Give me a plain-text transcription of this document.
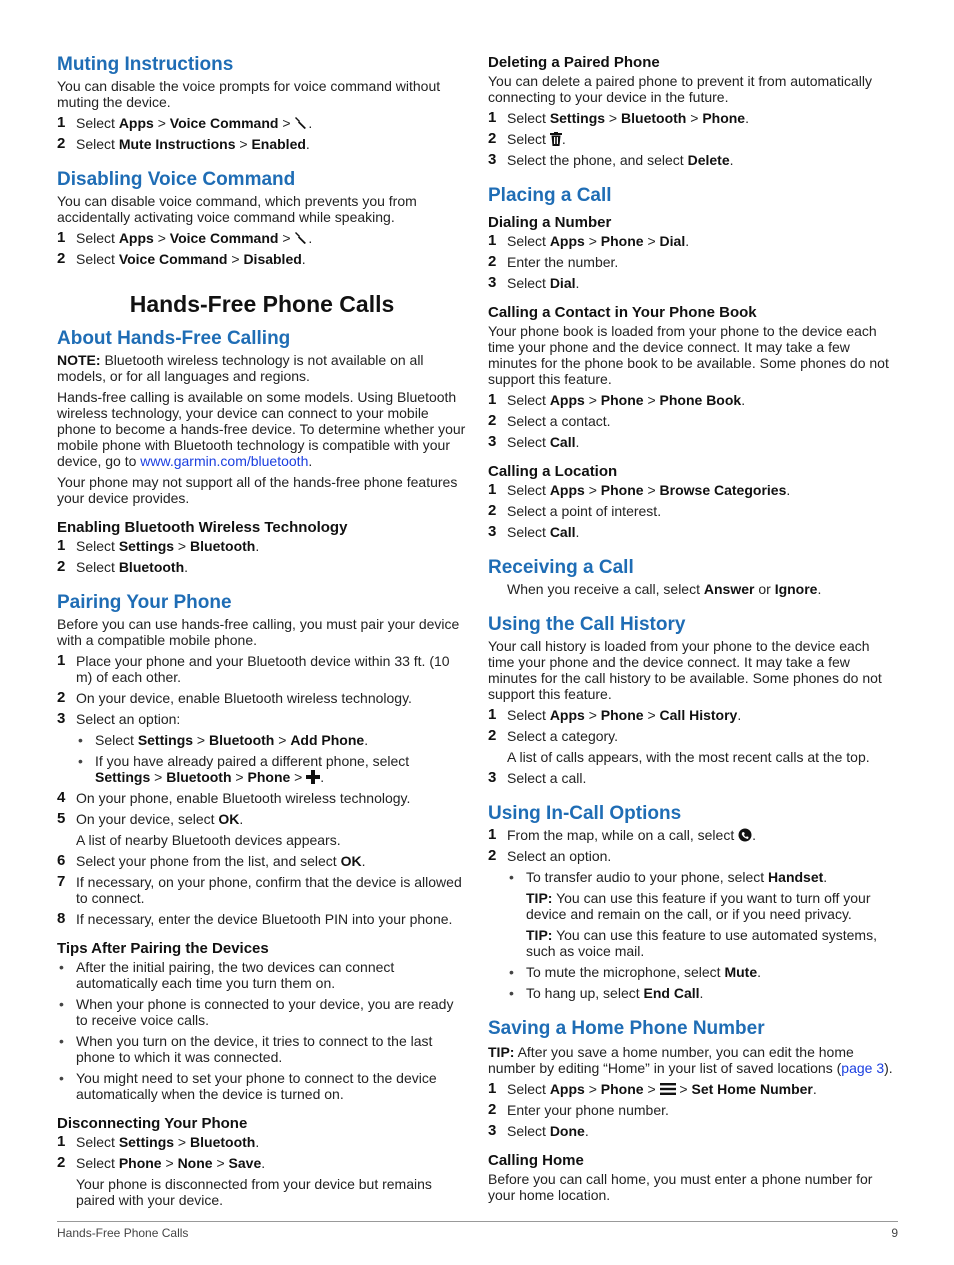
Muting Instructions

You can disable the voice prompts for voice command without muting the device.

1 Select Apps > Voice Command > .
2 Select Mute Instructions > Enabled.
Disabling Voice Command

You can disable voice command, which prevents you from accidentally activating voice command while speaking.

1 Select Apps > Voice Command > .
2 Select Voice Command > Disabled.
Hands-Free Phone Calls
About Hands-Free Calling

NOTE: Bluetooth wireless technology is not available on all models, or for all languages and regions.

Hands-free calling is available on some models. Using Bluetooth wireless technology, your device can connect to your mobile phone to become a hands-free device. To determine whether your mobile phone with Bluetooth technology is compatible with your device, go to www.garmin.com/bluetooth.

Your phone may not support all of the hands-free phone features your device provides.

Enabling Bluetooth Wireless Technology
1 Select Settings > Bluetooth.
2 Select Bluetooth.
Pairing Your Phone

Before you can use hands-free calling, you must pair your device with a compatible mobile phone.

1 Place your phone and your Bluetooth device within 33 ft. (10 m) of each other.
2 On your device, enable Bluetooth wireless technology.
3 Select an option:
• Select Settings > Bluetooth > Add Phone.
• If you have already paired a different phone, select Settings > Bluetooth > Phone > .
4 On your phone, enable Bluetooth wireless technology.
5 On your device, select OK.
A list of nearby Bluetooth devices appears.
6 Select your phone from the list, and select OK.
7 If necessary, on your phone, confirm that the device is allowed to connect.
8 If necessary, enter the device Bluetooth PIN into your phone.
Tips After Pairing the Devices
• After the initial pairing, the two devices can connect automatically each time you turn them on.
• When your phone is connected to your device, you are ready to receive voice calls.
• When you turn on the device, it tries to connect to the last phone to which it was connected.
• You might need to set your phone to connect to the device automatically when the device is turned on.
Disconnecting Your Phone
1 Select Settings > Bluetooth.
2 Select Phone > None > Save.
Your phone is disconnected from your device but remains paired with your device.
Deleting a Paired Phone

You can delete a paired phone to prevent it from automatically connecting to your device in the future.

1 Select Settings > Bluetooth > Phone.
2 Select .
3 Select the phone, and select Delete.
Placing a Call
Dialing a Number
1 Select Apps > Phone > Dial.
2 Enter the number.
3 Select Dial.
Calling a Contact in Your Phone Book

Your phone book is loaded from your phone to the device each time your phone and the device connect. It may take a few minutes for the phone book to be available. Some phones do not support this feature.

1 Select Apps > Phone > Phone Book.
2 Select a contact.
3 Select Call.
Calling a Location
1 Select Apps > Phone > Browse Categories.
2 Select a point of interest.
3 Select Call.
Receiving a Call

When you receive a call, select Answer or Ignore.

Using the Call History

Your call history is loaded from your phone to the device each time your phone and the device connect. It may take a few minutes for the call history to be available. Some phones do not support this feature.

1 Select Apps > Phone > Call History.
2 Select a category.
A list of calls appears, with the most recent calls at the top.
3 Select a call.
Using In-Call Options
1 From the map, while on a call, select .
2 Select an option.
• To transfer audio to your phone, select Handset.
TIP: You can use this feature if you want to turn off your device and remain on the call, or if you need privacy.
TIP: You can use this feature to use automated systems, such as voice mail.
• To mute the microphone, select Mute.
• To hang up, select End Call.
Saving a Home Phone Number

TIP: After you save a home number, you can edit the home number by editing “Home” in your list of saved locations (page 3).

1 Select Apps > Phone >  > Set Home Number.
2 Enter your phone number.
3 Select Done.
Calling Home

Before you can call home, you must enter a phone number for your home location.

Hands-Free Phone Calls	9
